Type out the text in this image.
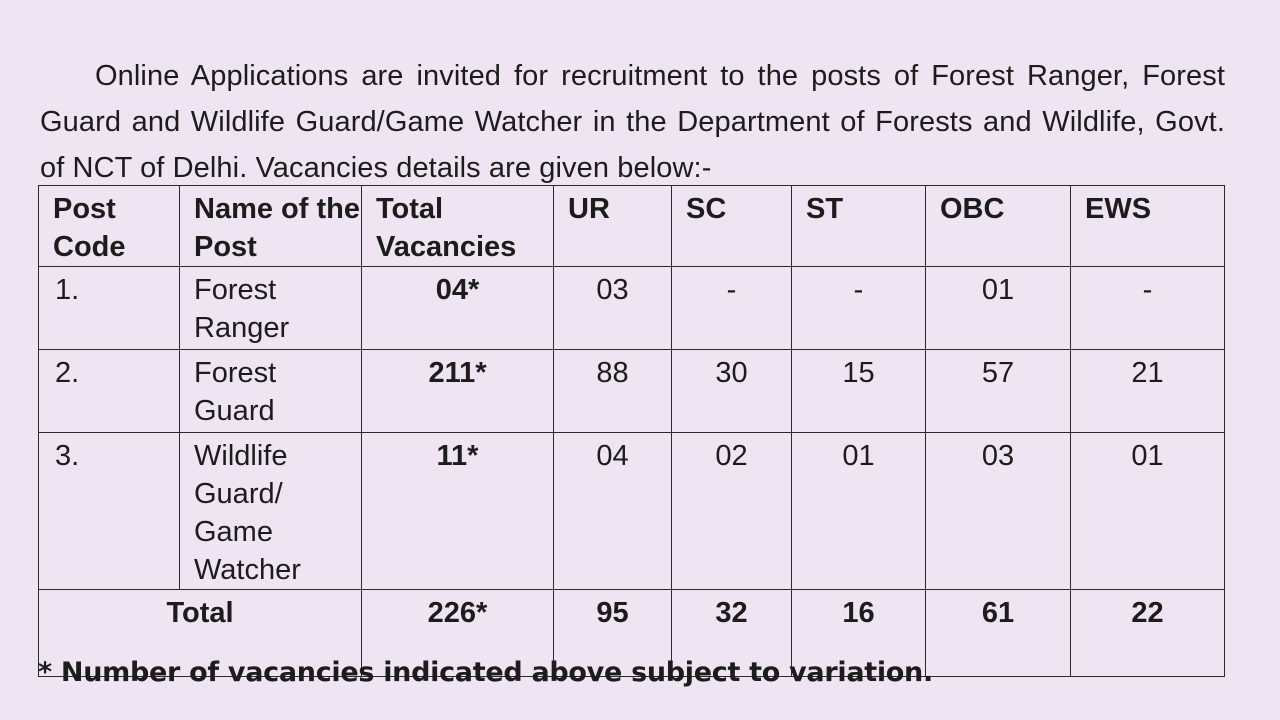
Online Applications are invited for recruitment to the posts of Forest Ranger, Forest Guard and Wildlife Guard/Game Watcher in the Department of Forests and Wildlife, Govt. of NCT of Delhi. Vacancies details are given below:-

Post Code	Name of the Post	Total Vacancies	UR	SC	ST	OBC	EWS
1.	Forest Ranger	04*	03	-	-	01	-
2.	Forest Guard	211*	88	30	15	57	21
3.	Wildlife Guard/ Game Watcher	11*	04	02	01	03	01
Total		226*	95	32	16	61	22
* Number of vacancies indicated above subject to variation.
